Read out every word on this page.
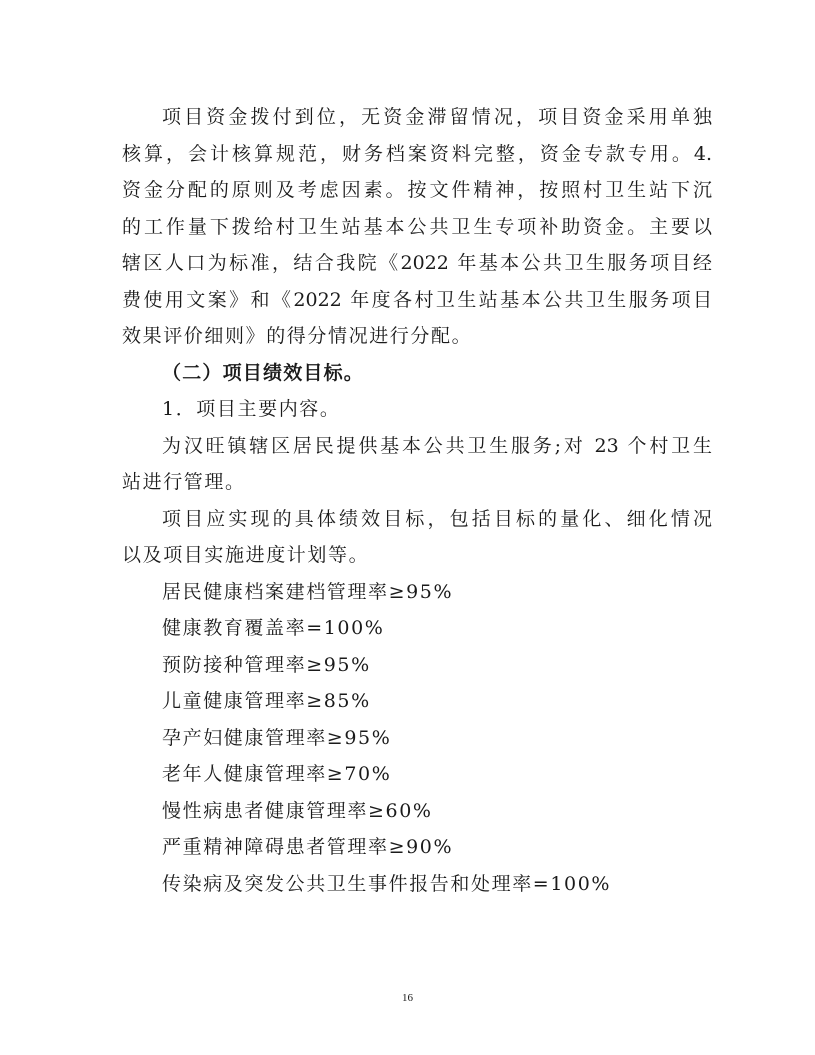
项目资金拨付到位，无资金滞留情况，项目资金采用单独
核算，会计核算规范，财务档案资料完整，资金专款专用。4.
资金分配的原则及考虑因素。按文件精神，按照村卫生站下沉
的工作量下拨给村卫生站基本公共卫生专项补助资金。主要以
辖区人口为标准，结合我院《2022 年基本公共卫生服务项目经
费使用文案》和《2022 年度各村卫生站基本公共卫生服务项目
效果评价细则》的得分情况进行分配。
（二）项目绩效目标。
1．项目主要内容。
为汉旺镇辖区居民提供基本公共卫生服务;对 23 个村卫生
站进行管理。
项目应实现的具体绩效目标，包括目标的量化、细化情况
以及项目实施进度计划等。
居民健康档案建档管理率≥95%
健康教育覆盖率=100%
预防接种管理率≥95%
儿童健康管理率≥85%
孕产妇健康管理率≥95%
老年人健康管理率≥70%
慢性病患者健康管理率≥60%
严重精神障碍患者管理率≥90%
传染病及突发公共卫生事件报告和处理率=100%
16
